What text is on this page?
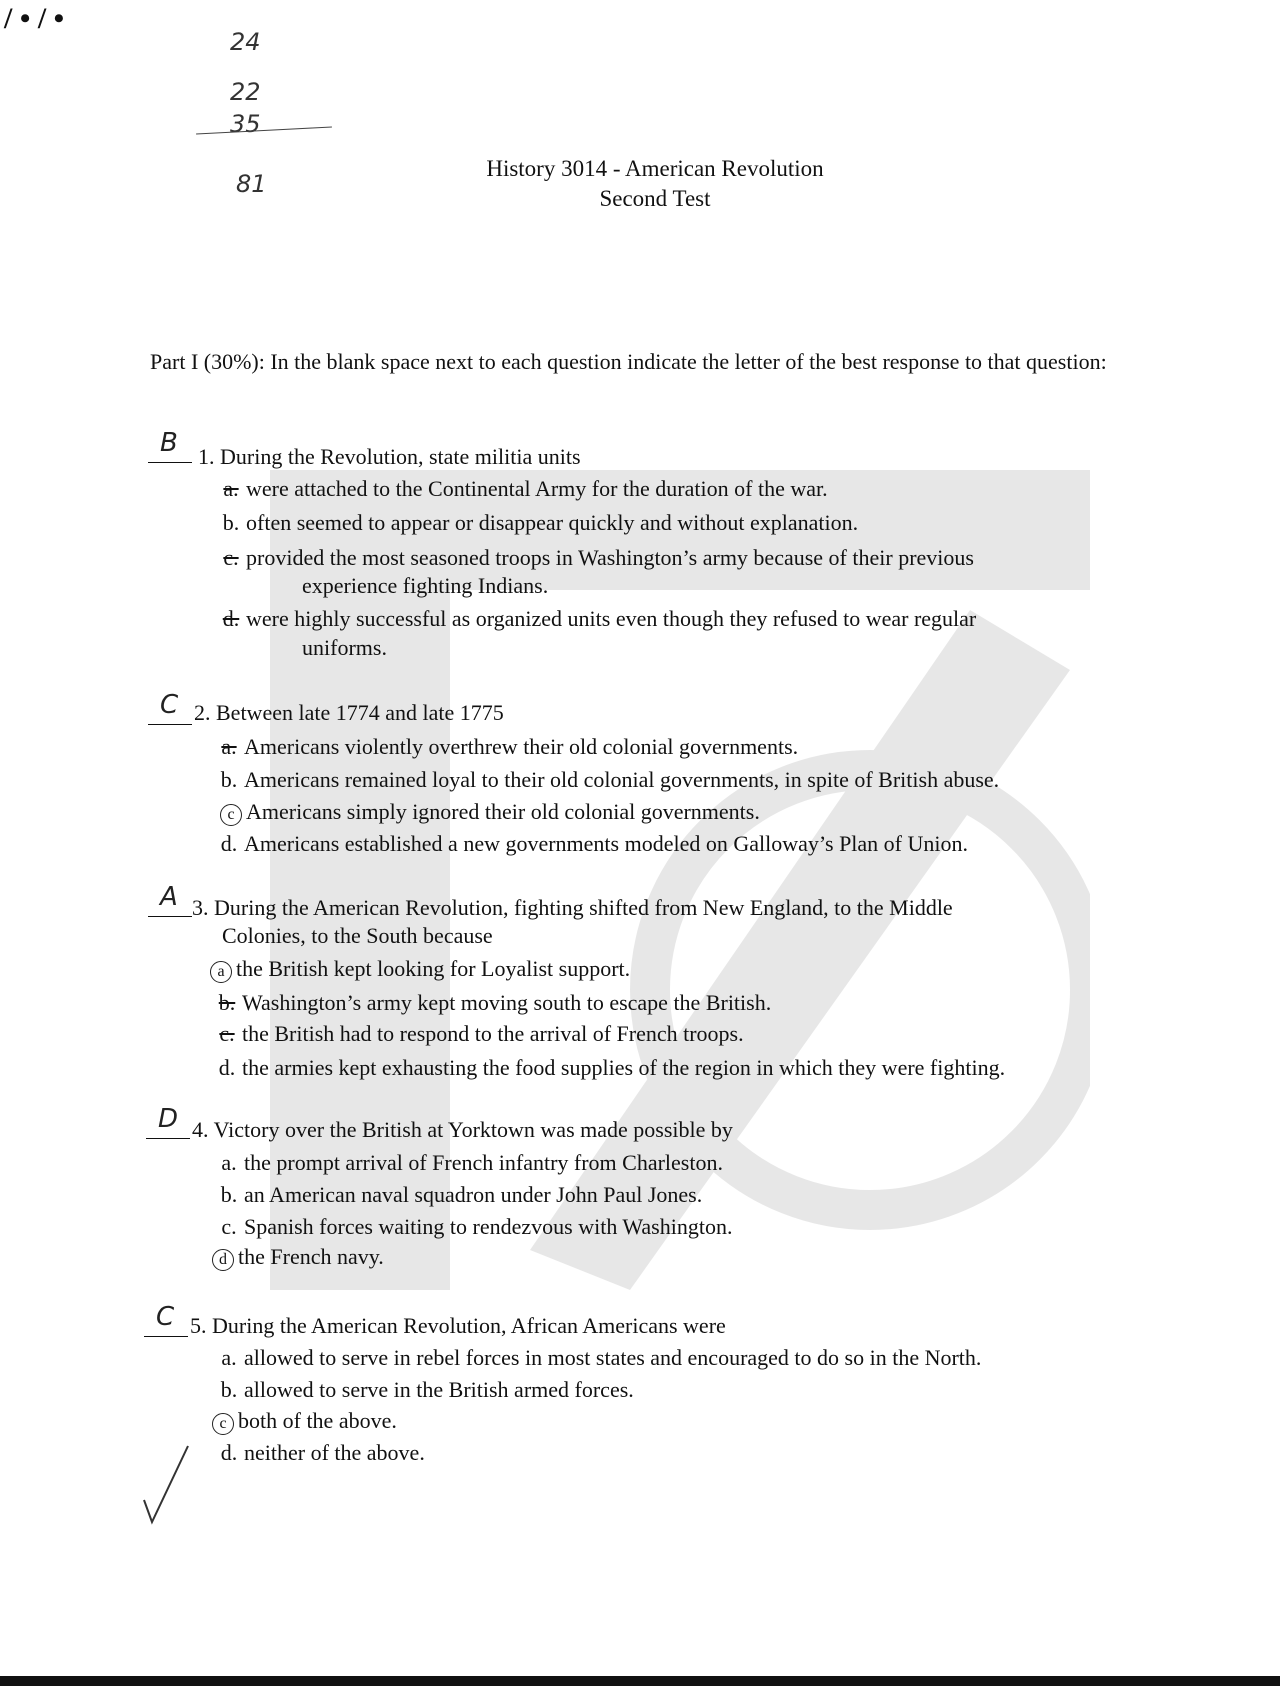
/ • / •
24
22
35
81
History 3014 - American Revolution
Second Test
Part I (30%): In the blank space next to each question indicate the letter of the best response to that question:
B 1. During the Revolution, state militia units
a. were attached to the Continental Army for the duration of the war.
b. often seemed to appear or disappear quickly and without explanation.
c. provided the most seasoned troops in Washington’s army because of their previous
experience fighting Indians.
d. were highly successful as organized units even though they refused to wear regular
uniforms.
C 2. Between late 1774 and late 1775
a. Americans violently overthrew their old colonial governments.
b. Americans remained loyal to their old colonial governments, in spite of British abuse.
c Americans simply ignored their old colonial governments.
d. Americans established a new governments modeled on Galloway’s Plan of Union.
A 3. During the American Revolution, fighting shifted from New England, to the Middle
Colonies, to the South because
a the British kept looking for Loyalist support.
b. Washington’s army kept moving south to escape the British.
c. the British had to respond to the arrival of French troops.
d. the armies kept exhausting the food supplies of the region in which they were fighting.
D 4. Victory over the British at Yorktown was made possible by
a. the prompt arrival of French infantry from Charleston.
b. an American naval squadron under John Paul Jones.
c. Spanish forces waiting to rendezvous with Washington.
d the French navy.
C 5. During the American Revolution, African Americans were
a. allowed to serve in rebel forces in most states and encouraged to do so in the North.
b. allowed to serve in the British armed forces.
c both of the above.
d. neither of the above.
